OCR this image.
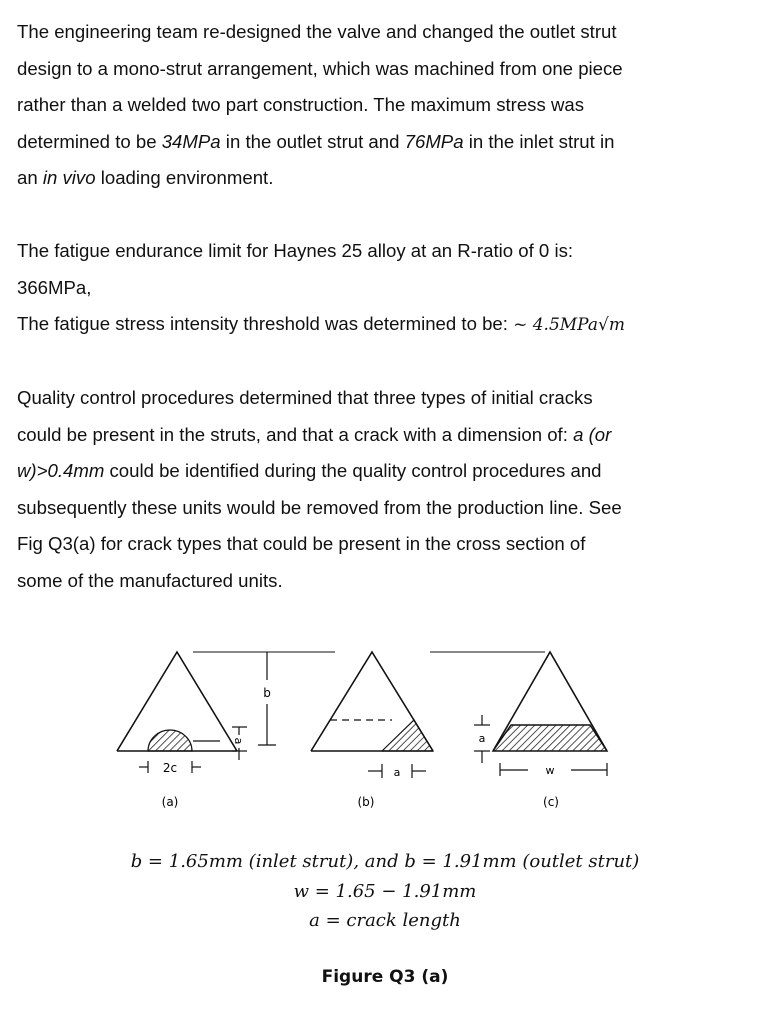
The engineering team re-designed the valve and changed the outlet strut
design to a mono-strut arrangement, which was machined from one piece
rather than a welded two part construction. The maximum stress was
determined to be 34MPa in the outlet strut and 76MPa in the inlet strut in
an in vivo loading environment.
The fatigue endurance limit for Haynes 25 alloy at an R-ratio of 0 is:
366MPa,
The fatigue stress intensity threshold was determined to be: ~ 4.5MPa√m
Quality control procedures determined that three types of initial cracks
could be present in the struts, and that a crack with a dimension of: a (or
w)>0.4mm could be identified during the quality control procedures and
subsequently these units would be removed from the production line. See
Fig Q3(a) for crack types that could be present in the cross section of
some of the manufactured units.
2c
a
(a)
b
a
(b)
a
w
(c)
b = 1.65mm (inlet strut), and b = 1.91mm (outlet strut)
w = 1.65 − 1.91mm
a = crack length
Figure Q3 (a)
